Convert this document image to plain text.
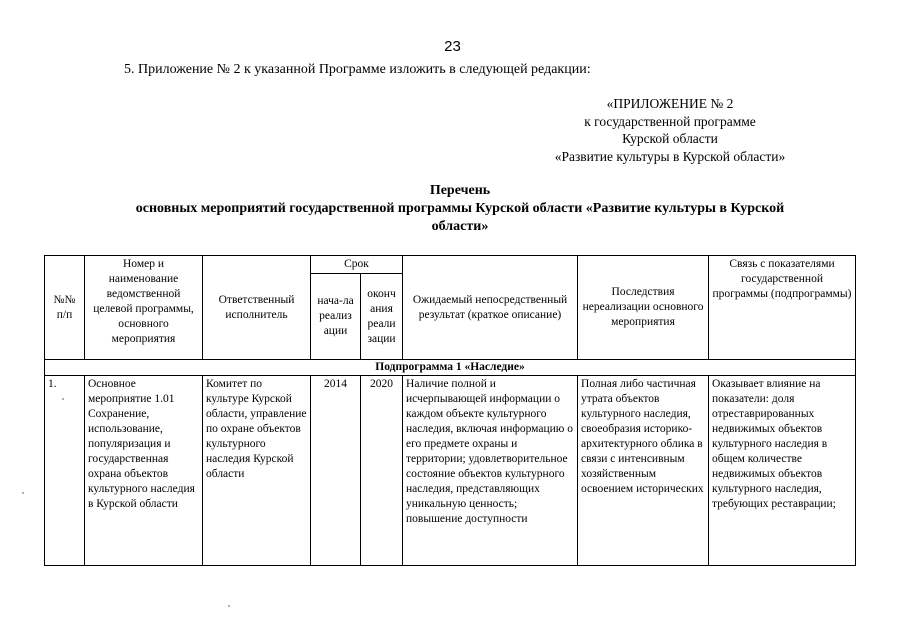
23
5. Приложение № 2 к указанной Программе изложить в следующей редакции:
«ПРИЛОЖЕНИЕ № 2
к государственной программе
Курской области
«Развитие культуры в Курской области»
Перечень
основных мероприятий государственной программы Курской области «Развитие культуры в Курской
области»
№№ п/п	Номер и наименование ведомственной целевой программы, основного мероприятия	Ответственный исполнитель	Срок		Ожидаемый непосредственный результат (краткое описание)	Последствия нереализации основного мероприятия	Связь с показателями государственной программы (подпрограммы)
			нача-ла реализ ации	оконч ания реали зации			
Подпрограмма 1 «Наследие»							
1.	Основное мероприятие 1.01 Сохранение, использование, популяризация и государственная охрана объектов культурного наследия в Курской области	Комитет по культуре Курской области, управление по охране объектов культурного наследия Курской области	2014	2020	Наличие полной и исчерпывающей информации о каждом объекте культурного наследия, включая информацию о его предмете охраны и территории; удовлетворительное состояние объектов культурного наследия, представляющих уникальную ценность; повышение доступности	Полная либо частичная утрата объектов культурного наследия, своеобразия историко-архитектурного облика в связи с интенсивным хозяйственным освоением исторических	Оказывает влияние на показатели: доля отреставрированных недвижимых объектов культурного наследия в общем количестве недвижимых объектов культурного наследия, требующих реставрации;
